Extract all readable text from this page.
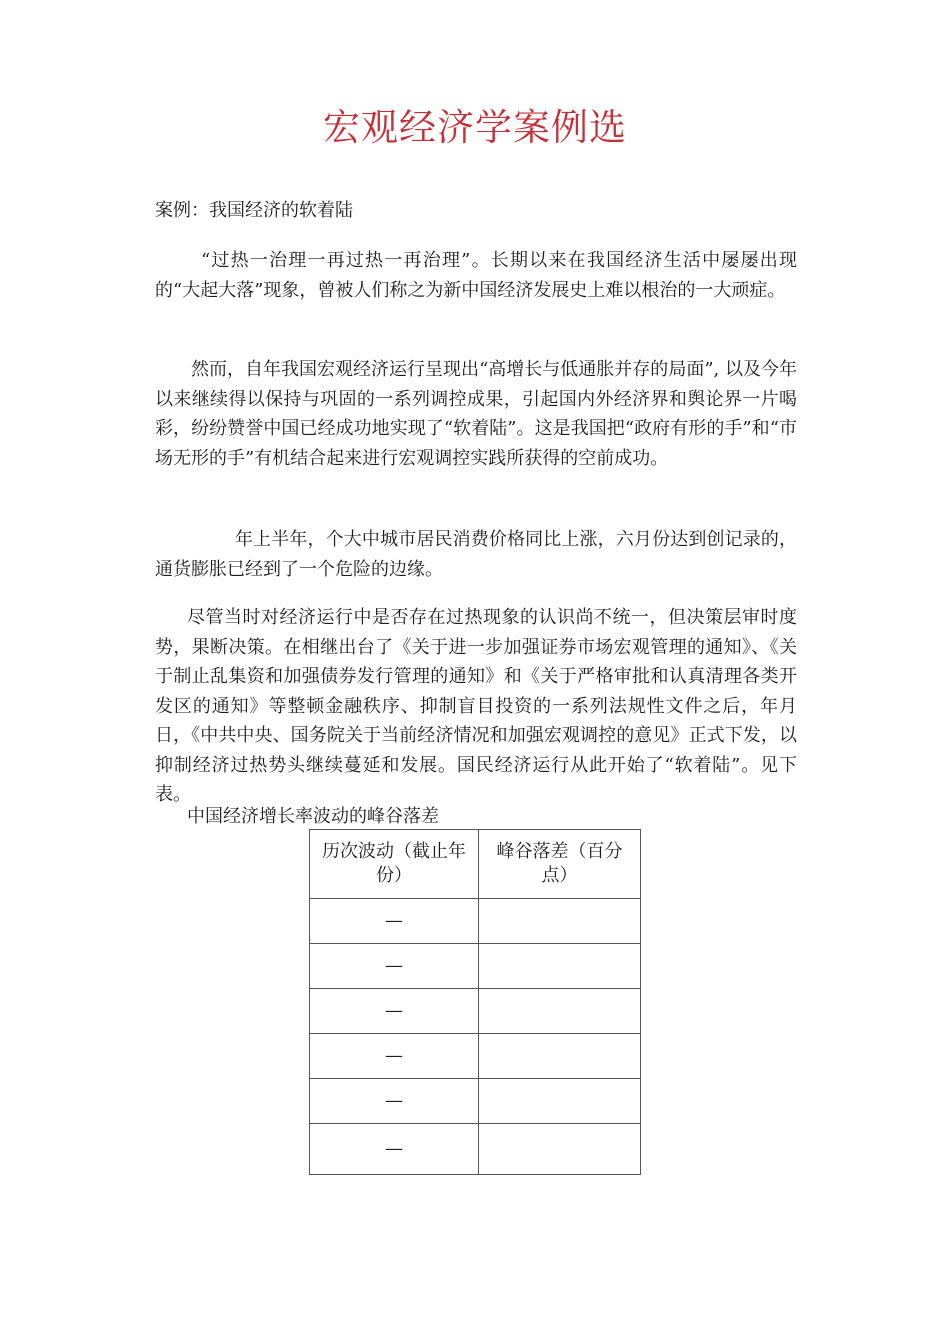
宏观经济学案例选
案例：我国经济的软着陆

“过热一治理一再过热一再治理”。长期以来在我国经济生活中屡屡出现的“大起大落”现象，曾被人们称之为新中国经济发展史上难以根治的一大顽症。

然而，自年我国宏观经济运行呈现出“高增长与低通胀并存的局面”, 以及今年以来继续得以保持与巩固的一系列调控成果，引起国内外经济界和舆论界一片喝彩，纷纷赞誉中国已经成功地实现了“软着陆”。这是我国把“政府有形的手”和“市场无形的手”有机结合起来进行宏观调控实践所获得的空前成功。

年上半年，个大中城市居民消费价格同比上涨，六月份达到创记录的，通货膨胀已经到了一个危险的边缘。

尽管当时对经济运行中是否存在过热现象的认识尚不统一，但决策层审时度势，果断决策。在相继出台了《关于进一步加强证券市场宏观管理的通知》、《关于制止乱集资和加强债券发行管理的通知》和《关于严格审批和认真清理各类开发区的通知》等整顿金融秩序、抑制盲目投资的一系列法规性文件之后，年月日，《中共中央、国务院关于当前经济情况和加强宏观调控的意见》正式下发，以抑制经济过热势头继续蔓延和发展。国民经济运行从此开始了“软着陆”。见下表。

中国经济增长率波动的峰谷落差
历次波动（截止年份）	峰谷落差（百分点）
—	
—	
—	
—	
—	
—	
